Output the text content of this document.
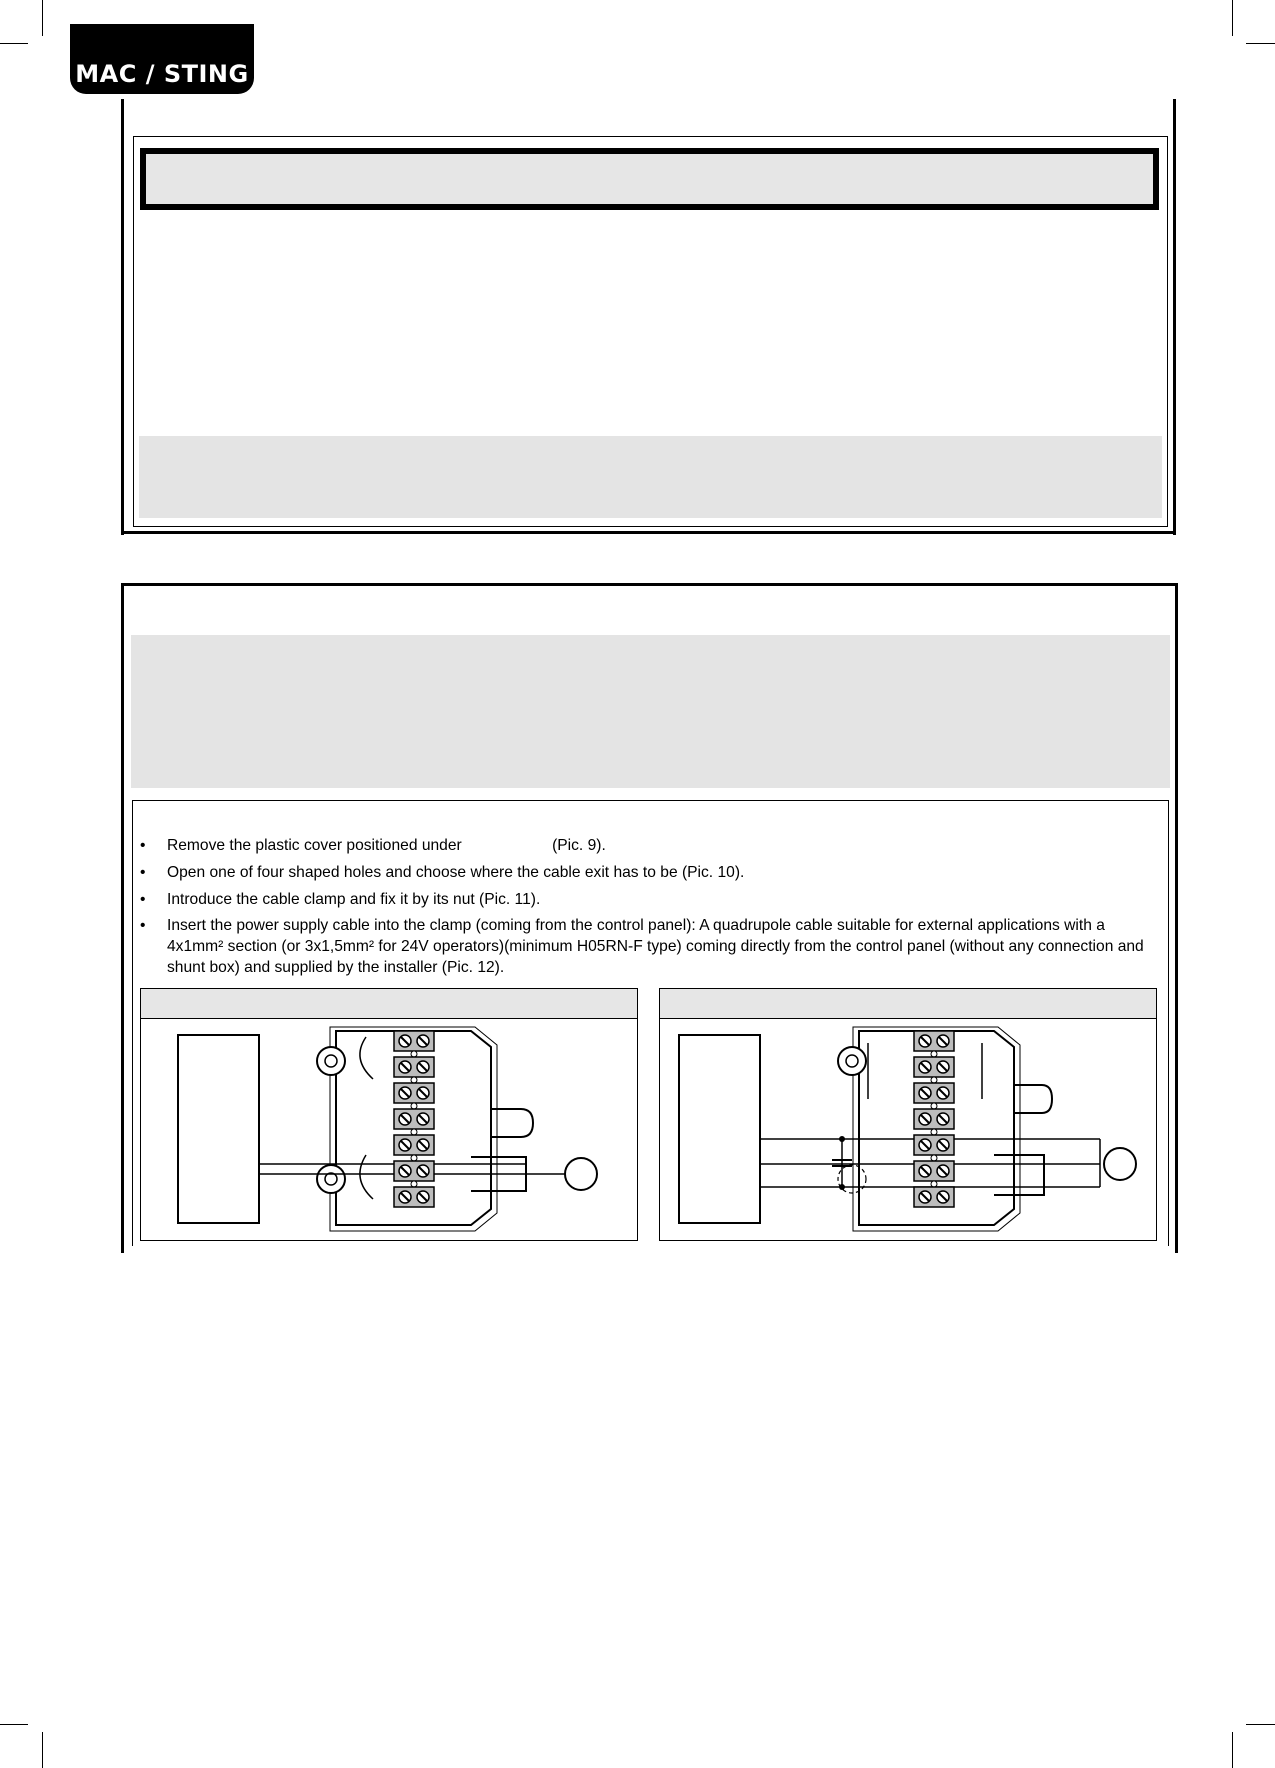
MAC / STING
• Remove the plastic cover positioned under	(Pic. 9).
• Open one of four shaped holes and choose where the cable exit has to be (Pic. 10).
• Introduce the cable clamp and fix it by its nut (Pic. 11).
• Insert the power supply cable into the clamp (coming from the control panel): A quadrupole cable suitable for external applications with a 4x1mm² section (or 3x1,5mm² for 24V operators)(minimum H05RN-F type) coming directly from the control panel (without any connection and shunt box) and supplied by the installer (Pic. 12).
